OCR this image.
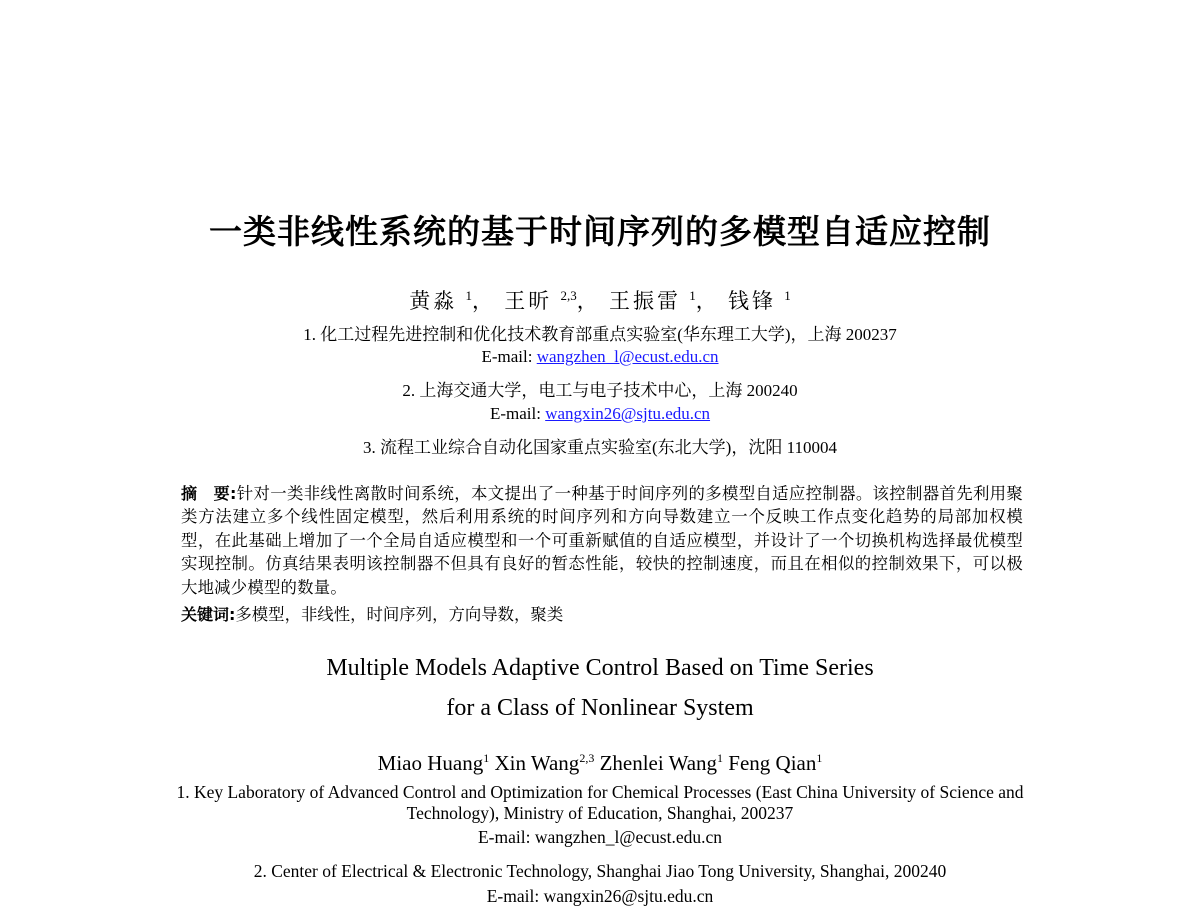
一类非线性系统的基于时间序列的多模型自适应控制
黄淼 $^1$， 王昕 $^{2,3}$， 王振雷 $^1$， 钱锋 $^1$
1. 化工过程先进控制和优化技术教育部重点实验室(华东理工大学)，上海 200237
E-mail: wangzhen_l@ecust.edu.cn
2. 上海交通大学，电工与电子技术中心，上海 200240
E-mail: wangxin26@sjtu.edu.cn
3. 流程工业综合自动化国家重点实验室(东北大学)，沈阳 110004
摘　要:针对一类非线性离散时间系统，本文提出了一种基于时间序列的多模型自适应控制器。该控制器首先利用聚类方法建立多个线性固定模型，然后利用系统的时间序列和方向导数建立一个反映工作点变化趋势的局部加权模型，在此基础上增加了一个全局自适应模型和一个可重新赋值的自适应模型，并设计了一个切换机构选择最优模型实现控制。仿真结果表明该控制器不但具有良好的暂态性能，较快的控制速度，而且在相似的控制效果下，可以极大地减少模型的数量。
关键词:多模型，非线性，时间序列，方向导数，聚类
Multiple Models Adaptive Control Based on Time Series
for a Class of Nonlinear System
Miao Huang$^1$ Xin Wang$^{2,3}$ Zhenlei Wang$^1$ Feng Qian$^1$
1. Key Laboratory of Advanced Control and Optimization for Chemical Processes (East China University of Science and
Technology), Ministry of Education, Shanghai, 200237
E-mail: wangzhen_l@ecust.edu.cn
2. Center of Electrical & Electronic Technology, Shanghai Jiao Tong University, Shanghai, 200240
E-mail: wangxin26@sjtu.edu.cn
